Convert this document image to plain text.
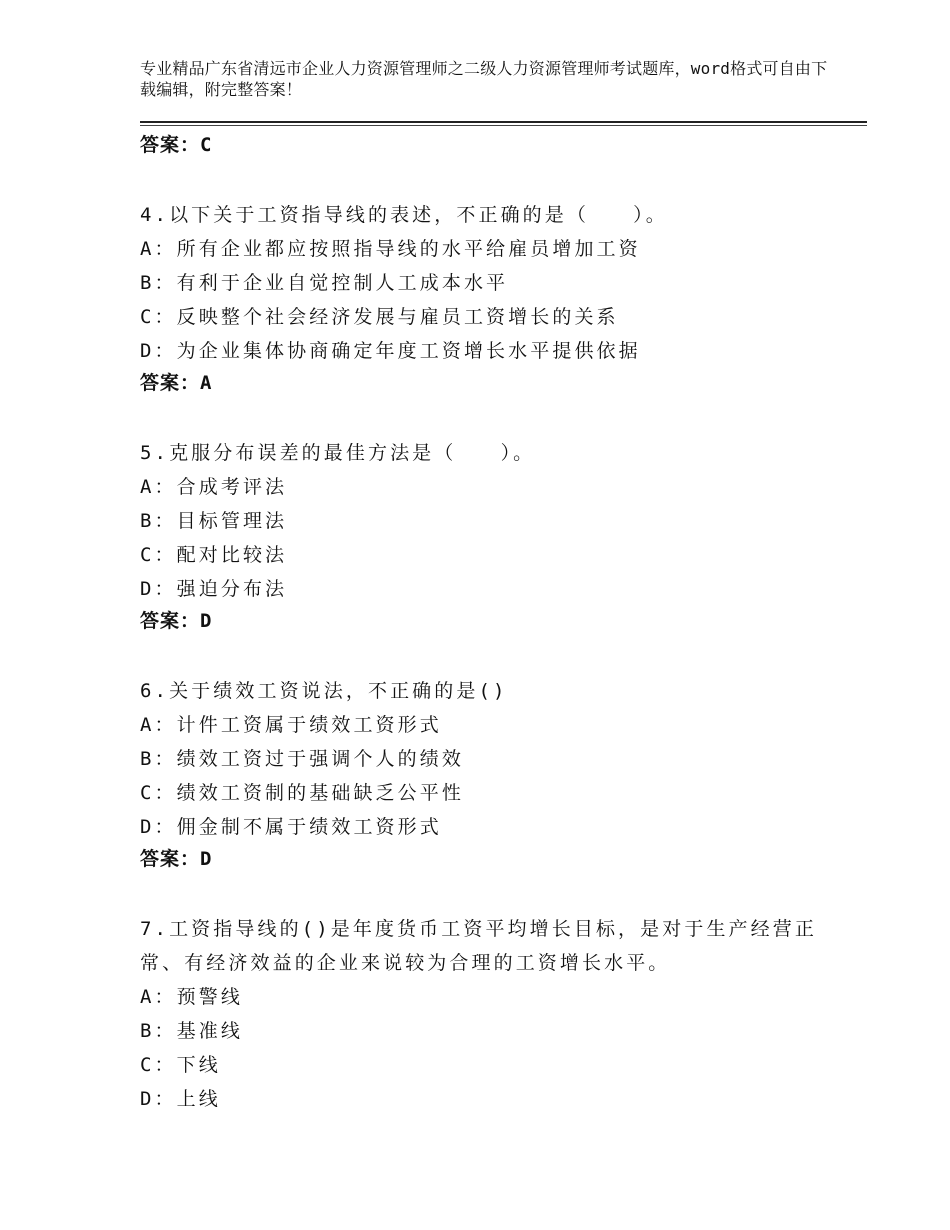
专业精品广东省清远市企业人力资源管理师之二级人力资源管理师考试题库，word格式可自由下载编辑，附完整答案！
答案：C
4.以下关于工资指导线的表述，不正确的是（　　）。
A：所有企业都应按照指导线的水平给雇员增加工资
B：有利于企业自觉控制人工成本水平
C：反映整个社会经济发展与雇员工资增长的关系
D：为企业集体协商确定年度工资增长水平提供依据
答案：A
5.克服分布误差的最佳方法是（　　）。
A：合成考评法
B：目标管理法
C：配对比较法
D：强迫分布法
答案：D
6.关于绩效工资说法，不正确的是()
A：计件工资属于绩效工资形式
B：绩效工资过于强调个人的绩效
C：绩效工资制的基础缺乏公平性
D：佣金制不属于绩效工资形式
答案：D
7.工资指导线的()是年度货币工资平均增长目标，是对于生产经营正
常、有经济效益的企业来说较为合理的工资增长水平。
A：预警线
B：基准线
C：下线
D：上线
